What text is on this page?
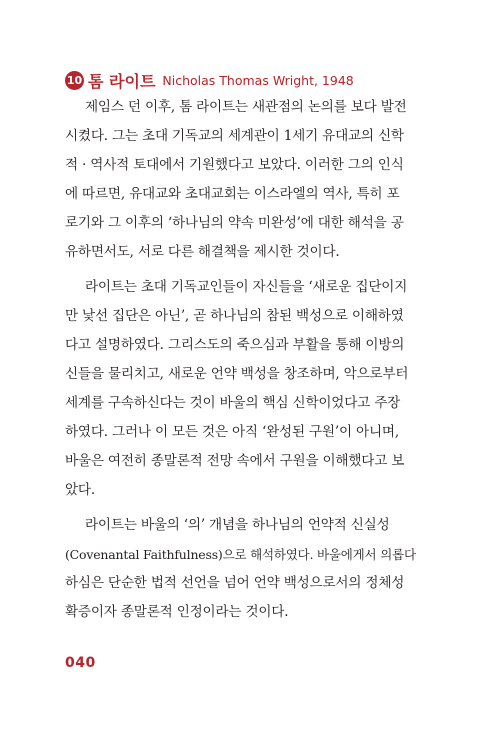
10 톰 라이트 Nicholas Thomas Wright, 1948
제임스 던 이후, 톰 라이트는 새관점의 논의를 보다 발전
시켰다. 그는 초대 기독교의 세계관이 1세기 유대교의 신학
적 · 역사적 토대에서 기원했다고 보았다. 이러한 그의 인식
에 따르면, 유대교와 초대교회는 이스라엘의 역사, 특히 포
로기와 그 이후의 ‘하나님의 약속 미완성’에 대한 해석을 공
유하면서도, 서로 다른 해결책을 제시한 것이다.
라이트는 초대 기독교인들이 자신들을 ‘새로운 집단이지
만 낯선 집단은 아닌’, 곧 하나님의 참된 백성으로 이해하였
다고 설명하였다. 그리스도의 죽으심과 부활을 통해 이방의
신들을 물리치고, 새로운 언약 백성을 창조하며, 악으로부터
세계를 구속하신다는 것이 바울의 핵심 신학이었다고 주장
하였다. 그러나 이 모든 것은 아직 ‘완성된 구원’이 아니며,
바울은 여전히 종말론적 전망 속에서 구원을 이해했다고 보
았다.
라이트는 바울의 ‘의’ 개념을 하나님의 언약적 신실성
(Covenantal Faithfulness)으로 해석하였다. 바울에게서 의롭다
하심은 단순한 법적 선언을 넘어 언약 백성으로서의 정체성
확증이자 종말론적 인정이라는 것이다.
040
